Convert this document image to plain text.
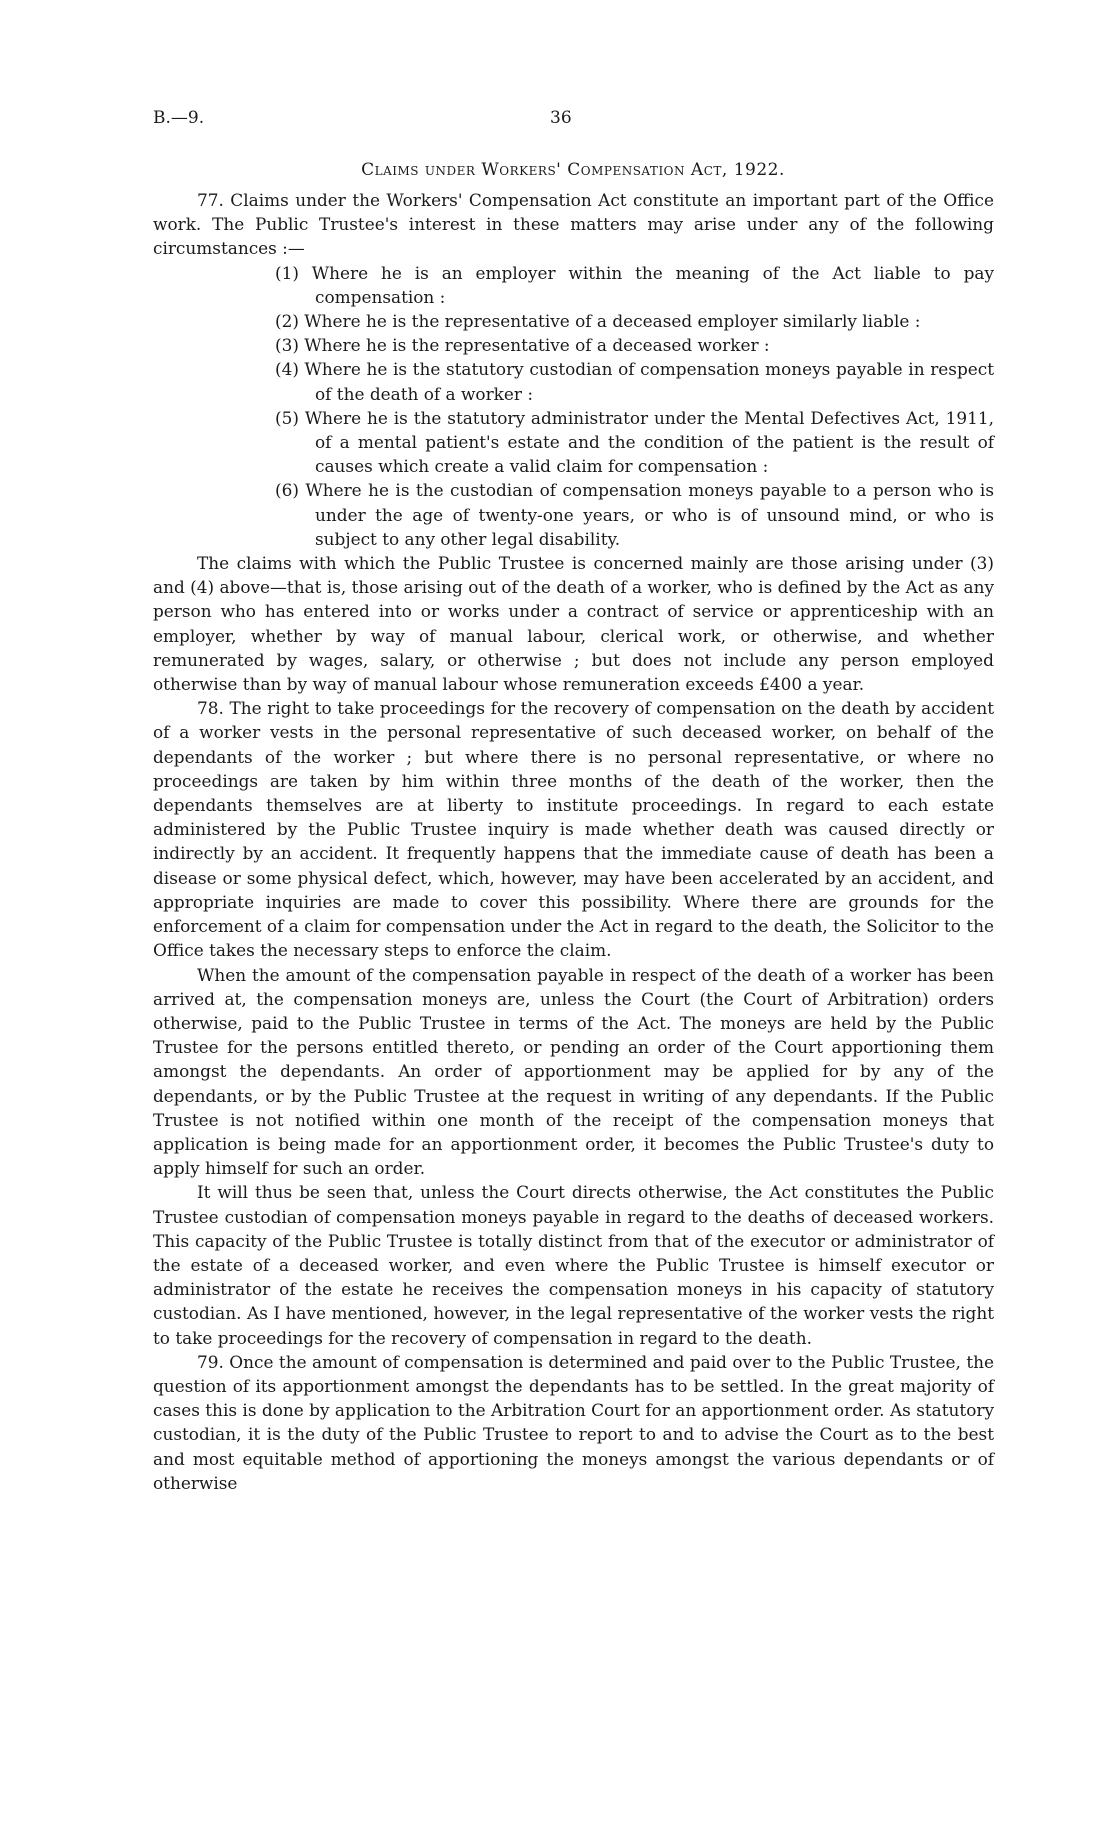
B.—9.	36
Claims under Workers' Compensation Act, 1922.

77. Claims under the Workers' Compensation Act constitute an important part of the Office work. The Public Trustee's interest in these matters may arise under any of the following circumstances :—

(1) Where he is an employer within the meaning of the Act liable to pay compensation :
(2) Where he is the representative of a deceased employer similarly liable :
(3) Where he is the representative of a deceased worker :
(4) Where he is the statutory custodian of compensation moneys payable in respect of the death of a worker :
(5) Where he is the statutory administrator under the Mental Defectives Act, 1911, of a mental patient's estate and the condition of the patient is the result of causes which create a valid claim for compensation :
(6) Where he is the custodian of compensation moneys payable to a person who is under the age of twenty-one years, or who is of unsound mind, or who is subject to any other legal disability.

The claims with which the Public Trustee is concerned mainly are those arising under (3) and (4) above—that is, those arising out of the death of a worker, who is defined by the Act as any person who has entered into or works under a contract of service or apprenticeship with an employer, whether by way of manual labour, clerical work, or otherwise, and whether remunerated by wages, salary, or otherwise ; but does not include any person employed otherwise than by way of manual labour whose remuneration exceeds £400 a year.

78. The right to take proceedings for the recovery of compensation on the death by accident of a worker vests in the personal representative of such deceased worker, on behalf of the dependants of the worker ; but where there is no personal representative, or where no proceedings are taken by him within three months of the death of the worker, then the dependants themselves are at liberty to institute proceedings. In regard to each estate administered by the Public Trustee inquiry is made whether death was caused directly or indirectly by an accident. It frequently happens that the immediate cause of death has been a disease or some physical defect, which, however, may have been accelerated by an accident, and appropriate inquiries are made to cover this possibility. Where there are grounds for the enforcement of a claim for compensation under the Act in regard to the death, the Solicitor to the Office takes the necessary steps to enforce the claim.

When the amount of the compensation payable in respect of the death of a worker has been arrived at, the compensation moneys are, unless the Court (the Court of Arbitration) orders otherwise, paid to the Public Trustee in terms of the Act. The moneys are held by the Public Trustee for the persons entitled thereto, or pending an order of the Court apportioning them amongst the dependants. An order of apportionment may be applied for by any of the dependants, or by the Public Trustee at the request in writing of any dependants. If the Public Trustee is not notified within one month of the receipt of the compensation moneys that application is being made for an apportionment order, it becomes the Public Trustee's duty to apply himself for such an order.

It will thus be seen that, unless the Court directs otherwise, the Act constitutes the Public Trustee custodian of compensation moneys payable in regard to the deaths of deceased workers. This capacity of the Public Trustee is totally distinct from that of the executor or administrator of the estate of a deceased worker, and even where the Public Trustee is himself executor or administrator of the estate he receives the compensation moneys in his capacity of statutory custodian. As I have mentioned, however, in the legal representative of the worker vests the right to take proceedings for the recovery of compensation in regard to the death.

79. Once the amount of compensation is determined and paid over to the Public Trustee, the question of its apportionment amongst the dependants has to be settled. In the great majority of cases this is done by application to the Arbitration Court for an apportionment order. As statutory custodian, it is the duty of the Public Trustee to report to and to advise the Court as to the best and most equitable method of apportioning the moneys amongst the various dependants or of otherwise
